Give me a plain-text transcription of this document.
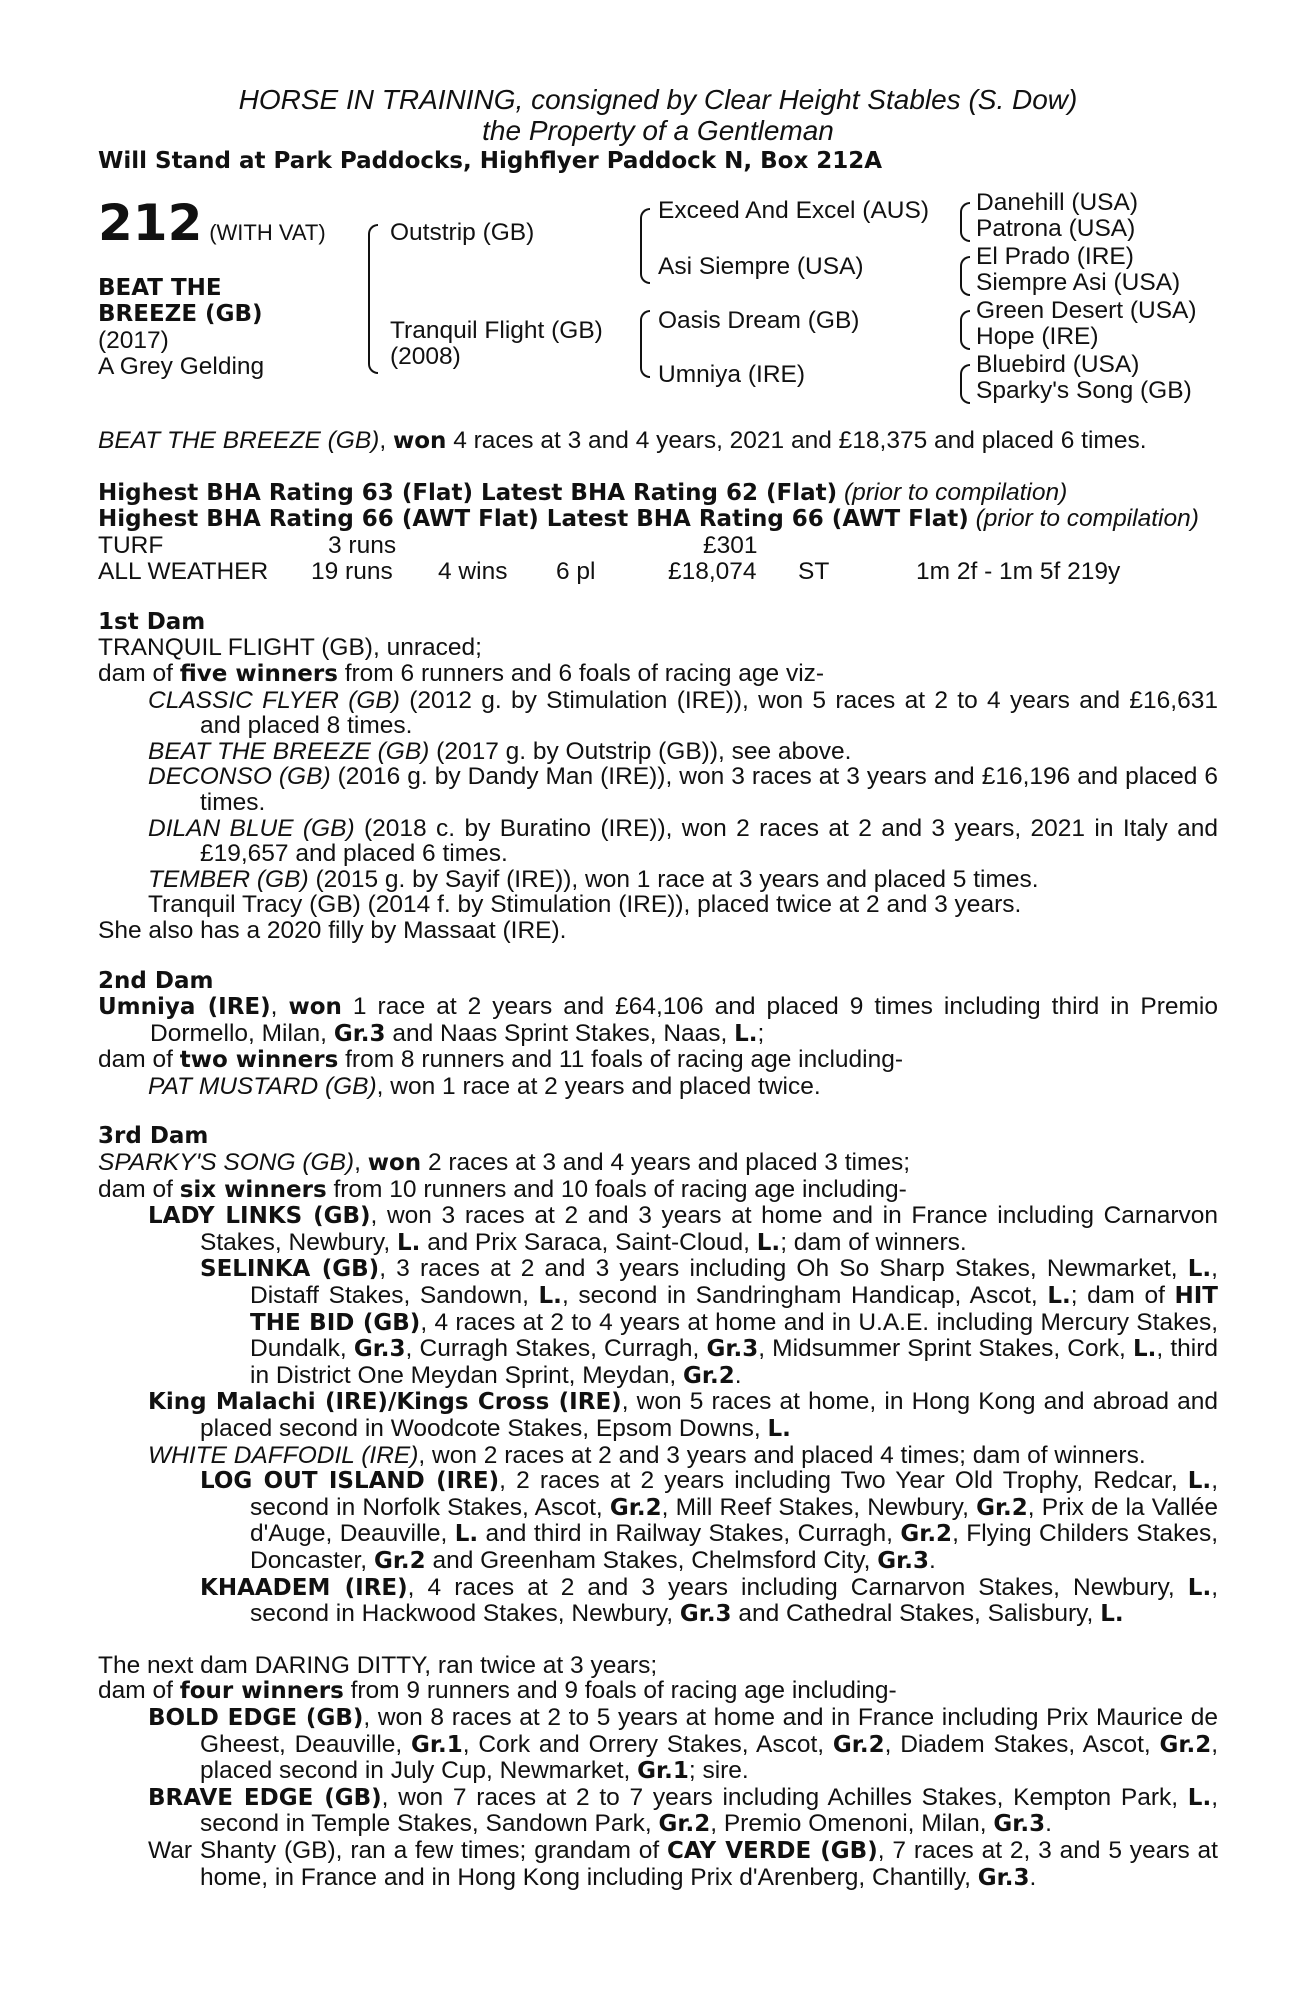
HORSE IN TRAINING, consigned by Clear Height Stables (S. Dow)
the Property of a Gentleman
Will Stand at Park Paddocks, Highflyer Paddock N, Box 212A
212 (WITH VAT)
BEAT THE
BREEZE (GB)
(2017)
A Grey Gelding
Outstrip (GB)
Tranquil Flight (GB)
(2008)
Exceed And Excel (AUS)
Asi Siempre (USA)
Oasis Dream (GB)
Umniya (IRE)
Danehill (USA)
Patrona (USA)
El Prado (IRE)
Siempre Asi (USA)
Green Desert (USA)
Hope (IRE)
Bluebird (USA)
Sparky's Song (GB)

BEAT THE BREEZE (GB), won 4 races at 3 and 4 years, 2021 and £18,375 and placed 6 times.

Highest BHA Rating 63 (Flat) Latest BHA Rating 62 (Flat) (prior to compilation)

Highest BHA Rating 66 (AWT Flat) Latest BHA Rating 66 (AWT Flat) (prior to compilation)

TURF	3 runs	£301
ALL WEATHER 19 runs 4 wins 6 pl	£18,074 ST	1m 2f - 1m 5f 219y

1st Dam

TRANQUIL FLIGHT (GB), unraced;

dam of five winners from 6 runners and 6 foals of racing age viz-

CLASSIC FLYER (GB) (2012 g. by Stimulation (IRE)), won 5 races at 2 to 4 years and £16,631 and placed 8 times.

BEAT THE BREEZE (GB) (2017 g. by Outstrip (GB)), see above.

DECONSO (GB) (2016 g. by Dandy Man (IRE)), won 3 races at 3 years and £16,196 and placed 6 times.

DILAN BLUE (GB) (2018 c. by Buratino (IRE)), won 2 races at 2 and 3 years, 2021 in Italy and £19,657 and placed 6 times.

TEMBER (GB) (2015 g. by Sayif (IRE)), won 1 race at 3 years and placed 5 times.

Tranquil Tracy (GB) (2014 f. by Stimulation (IRE)), placed twice at 2 and 3 years.

She also has a 2020 filly by Massaat (IRE).

2nd Dam

Umniya (IRE), won 1 race at 2 years and £64,106 and placed 9 times including third in Premio Dormello, Milan, Gr.3 and Naas Sprint Stakes, Naas, L.;

dam of two winners from 8 runners and 11 foals of racing age including-

PAT MUSTARD (GB), won 1 race at 2 years and placed twice.

3rd Dam

SPARKY'S SONG (GB), won 2 races at 3 and 4 years and placed 3 times;

dam of six winners from 10 runners and 10 foals of racing age including-

LADY LINKS (GB), won 3 races at 2 and 3 years at home and in France including Carnarvon Stakes, Newbury, L. and Prix Saraca, Saint-Cloud, L.; dam of winners.

SELINKA (GB), 3 races at 2 and 3 years including Oh So Sharp Stakes, Newmarket, L., Distaff Stakes, Sandown, L., second in Sandringham Handicap, Ascot, L.; dam of HIT THE BID (GB), 4 races at 2 to 4 years at home and in U.A.E. including Mercury Stakes, Dundalk, Gr.3, Curragh Stakes, Curragh, Gr.3, Midsummer Sprint Stakes, Cork, L., third in District One Meydan Sprint, Meydan, Gr.2.

King Malachi (IRE)/Kings Cross (IRE), won 5 races at home, in Hong Kong and abroad and placed second in Woodcote Stakes, Epsom Downs, L.

WHITE DAFFODIL (IRE), won 2 races at 2 and 3 years and placed 4 times; dam of winners.

LOG OUT ISLAND (IRE), 2 races at 2 years including Two Year Old Trophy, Redcar, L., second in Norfolk Stakes, Ascot, Gr.2, Mill Reef Stakes, Newbury, Gr.2, Prix de la Vallée d'Auge, Deauville, L. and third in Railway Stakes, Curragh, Gr.2, Flying Childers Stakes, Doncaster, Gr.2 and Greenham Stakes, Chelmsford City, Gr.3.

KHAADEM (IRE), 4 races at 2 and 3 years including Carnarvon Stakes, Newbury, L., second in Hackwood Stakes, Newbury, Gr.3 and Cathedral Stakes, Salisbury, L.

The next dam DARING DITTY, ran twice at 3 years;

dam of four winners from 9 runners and 9 foals of racing age including-

BOLD EDGE (GB), won 8 races at 2 to 5 years at home and in France including Prix Maurice de Gheest, Deauville, Gr.1, Cork and Orrery Stakes, Ascot, Gr.2, Diadem Stakes, Ascot, Gr.2, placed second in July Cup, Newmarket, Gr.1; sire.

BRAVE EDGE (GB), won 7 races at 2 to 7 years including Achilles Stakes, Kempton Park, L., second in Temple Stakes, Sandown Park, Gr.2, Premio Omenoni, Milan, Gr.3.

War Shanty (GB), ran a few times; grandam of CAY VERDE (GB), 7 races at 2, 3 and 5 years at home, in France and in Hong Kong including Prix d'Arenberg, Chantilly, Gr.3.
